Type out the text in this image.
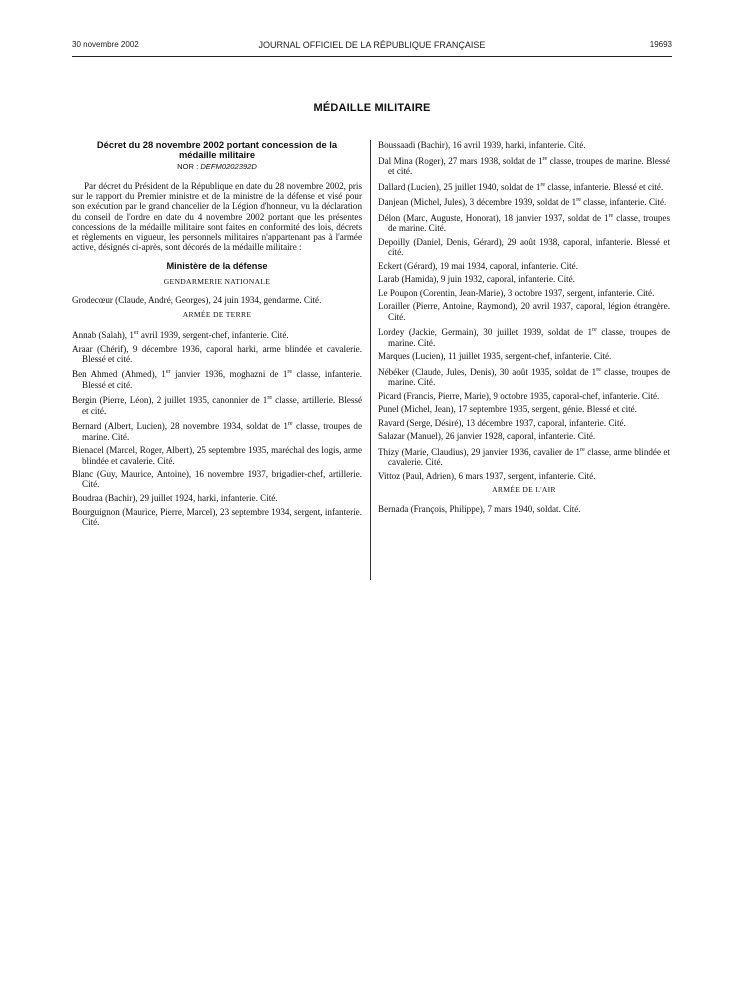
30 novembre 2002	JOURNAL OFFICIEL DE LA RÉPUBLIQUE FRANÇAISE	19693
MÉDAILLE MILITAIRE
Décret du 28 novembre 2002 portant concession de la médaille militaire
NOR : DEFM0202392D

Par décret du Président de la République en date du 28 novembre 2002, pris sur le rapport du Premier ministre et de la ministre de la défense et visé pour son exécution par le grand chancelier de la Légion d'honneur, vu la déclaration du conseil de l'ordre en date du 4 novembre 2002 portant que les présentes concessions de la médaille militaire sont faites en conformité des lois, décrets et règlements en vigueur, les personnels militaires n'appartenant pas à l'armée active, désignés ci-après, sont décorés de la médaille militaire :

Ministère de la défense
GENDARMERIE NATIONALE

Grodecœur (Claude, André, Georges), 24 juin 1934, gendarme. Cité.

ARMÉE DE TERRE

Annab (Salah), 1er avril 1939, sergent-chef, infanterie. Cité.

Araar (Chérif), 9 décembre 1936, caporal harki, arme blindée et cavalerie. Blessé et cité.

Ben Ahmed (Ahmed), 1er janvier 1936, moghazni de 1re classe, infanterie. Blessé et cité.

Bergin (Pierre, Léon), 2 juillet 1935, canonnier de 1re classe, artillerie. Blessé et cité.

Bernard (Albert, Lucien), 28 novembre 1934, soldat de 1re classe, troupes de marine. Cité.

Bienacel (Marcel, Roger, Albert), 25 septembre 1935, maréchal des logis, arme blindée et cavalerie. Cité.

Blanc (Guy, Maurice, Antoine), 16 novembre 1937, brigadier-chef, artillerie. Cité.

Boudraa (Bachir), 29 juillet 1924, harki, infanterie. Cité.

Bourguignon (Maurice, Pierre, Marcel), 23 septembre 1934, sergent, infanterie. Cité.

Boussaadi (Bachir), 16 avril 1939, harki, infanterie. Cité.

Dal Mina (Roger), 27 mars 1938, soldat de 1re classe, troupes de marine. Blessé et cité.

Dallard (Lucien), 25 juillet 1940, soldat de 1re classe, infanterie. Blessé et cité.

Danjean (Michel, Jules), 3 décembre 1939, soldat de 1re classe, infanterie. Cité.

Délon (Marc, Auguste, Honorat), 18 janvier 1937, soldat de 1re classe, troupes de marine. Cité.

Depoilly (Daniel, Denis, Gérard), 29 août 1938, caporal, infanterie. Blessé et cité.

Eckert (Gérard), 19 mai 1934, caporal, infanterie. Cité.

Larab (Hamida), 9 juin 1932, caporal, infanterie. Cité.

Le Poupon (Corentin, Jean-Marie), 3 octobre 1937, sergent, infanterie. Cité.

Lorailler (Pierre, Antoine, Raymond), 20 avril 1937, caporal, légion étrangère. Cité.

Lordey (Jackie, Germain), 30 juillet 1939, soldat de 1re classe, troupes de marine. Cité.

Marques (Lucien), 11 juillet 1935, sergent-chef, infanterie. Cité.

Nébéker (Claude, Jules, Denis), 30 août 1935, soldat de 1re classe, troupes de marine. Cité.

Picard (Francis, Pierre, Marie), 9 octobre 1935, caporal-chef, infanterie. Cité.

Punel (Michel, Jean), 17 septembre 1935, sergent, génie. Blessé et cité.

Ravard (Serge, Désiré), 13 décembre 1937, caporal, infanterie. Cité.

Salazar (Manuel), 26 janvier 1928, caporal, infanterie. Cité.

Thizy (Marie, Claudius), 29 janvier 1936, cavalier de 1re classe, arme blindée et cavalerie. Cité.

Vittoz (Paul, Adrien), 6 mars 1937, sergent, infanterie. Cité.

ARMÉE DE L'AIR

Bernada (François, Philippe), 7 mars 1940, soldat. Cité.
